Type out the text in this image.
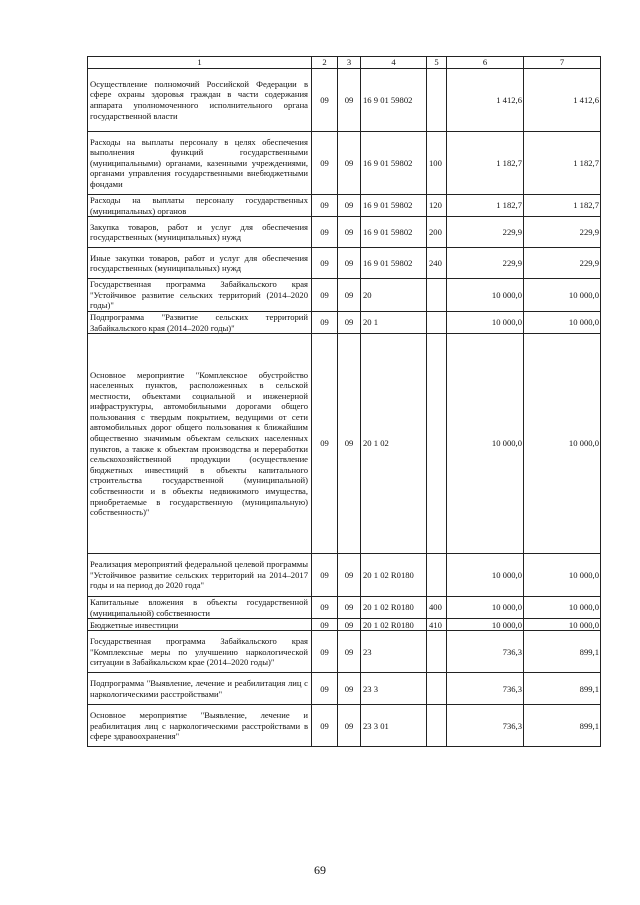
1	2	3	4	5	6	7
Осуществление полномочий Российской Федерации в сфере охраны здоровья граждан в части содержания аппарата уполномоченного исполнительного органа государственной власти	09	09	16 9 01 59802		1 412,6	1 412,6
Расходы на выплаты персоналу в целях обеспечения выполнения функций государственными (муниципальными) органами, казенными учреждениями, органами управления государственными внебюджетными фондами	09	09	16 9 01 59802	100	1 182,7	1 182,7
Расходы на выплаты персоналу государственных (муниципальных) органов	09	09	16 9 01 59802	120	1 182,7	1 182,7
Закупка товаров, работ и услуг для обеспечения государственных (муниципальных) нужд	09	09	16 9 01 59802	200	229,9	229,9
Иные закупки товаров, работ и услуг для обеспечения государственных (муниципальных) нужд	09	09	16 9 01 59802	240	229,9	229,9
Государственная программа Забайкальского края "Устойчивое развитие сельских территорий (2014–2020 годы)"	09	09	20		10 000,0	10 000,0
Подпрограмма "Развитие сельских территорий Забайкальского края (2014–2020 годы)"	09	09	20 1		10 000,0	10 000,0
Основное мероприятие "Комплексное обустройство населенных пунктов, расположенных в сельской местности, объектами социальной и инженерной инфраструктуры, автомобильными дорогами общего пользования с твердым покрытием, ведущими от сети автомобильных дорог общего пользования к ближайшим общественно значимым объектам сельских населенных пунктов, а также к объектам производства и переработки сельскохозяйственной продукции (осуществление бюджетных инвестиций в объекты капитального строительства государственной (муниципальной) собственности и в объекты недвижимого имущества, приобретаемые в государственную (муниципальную) собственность)"	09	09	20 1 02		10 000,0	10 000,0
Реализация мероприятий федеральной целевой программы "Устойчивое развитие сельских территорий на 2014–2017 годы и на период до 2020 года"	09	09	20 1 02 R0180		10 000,0	10 000,0
Капитальные вложения в объекты государственной (муниципальной) собственности	09	09	20 1 02 R0180	400	10 000,0	10 000,0
Бюджетные инвестиции	09	09	20 1 02 R0180	410	10 000,0	10 000,0
Государственная программа Забайкальского края "Комплексные меры по улучшению наркологической ситуации в Забайкальском крае (2014–2020 годы)"	09	09	23		736,3	899,1
Подпрограмма "Выявление, лечение и реабилитация лиц с наркологическими расстройствами"	09	09	23 3		736,3	899,1
Основное мероприятие "Выявление, лечение и реабилитация лиц с наркологическими расстройствами в сфере здравоохранения"	09	09	23 3 01		736,3	899,1
69
